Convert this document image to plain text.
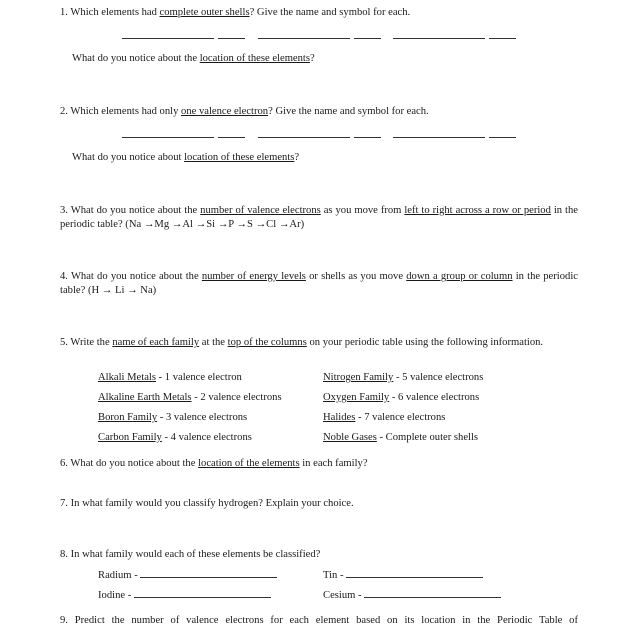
1. Which elements had complete outer shells? Give the name and symbol for each.
What do you notice about the location of these elements?
2. Which elements had only one valence electron? Give the name and symbol for each.
What do you notice about location of these elements?
3. What do you notice about the number of valence electrons as you move from left to right across a row or period in the periodic table? (Na →Mg →Al →Si →P →S →Cl →Ar)
4. What do you notice about the number of energy levels or shells as you move down a group or column in the periodic table? (H → Li → Na)
5. Write the name of each family at the top of the columns on your periodic table using the following information.
Alkali Metals - 1 valence electron
Alkaline Earth Metals - 2 valence electrons
Boron Family - 3 valence electrons
Carbon Family - 4 valence electrons
Nitrogen Family - 5 valence electrons
Oxygen Family - 6 valence electrons
Halides - 7 valence electrons
Noble Gases - Complete outer shells
6. What do you notice about the location of the elements in each family?
7. In what family would you classify hydrogen? Explain your choice.
8. In what family would each of these elements be classified?
Radium -	Tin -
Iodine -	Cesium -
9. Predict the number of valence electrons for each element based on its location in the Periodic Table of
